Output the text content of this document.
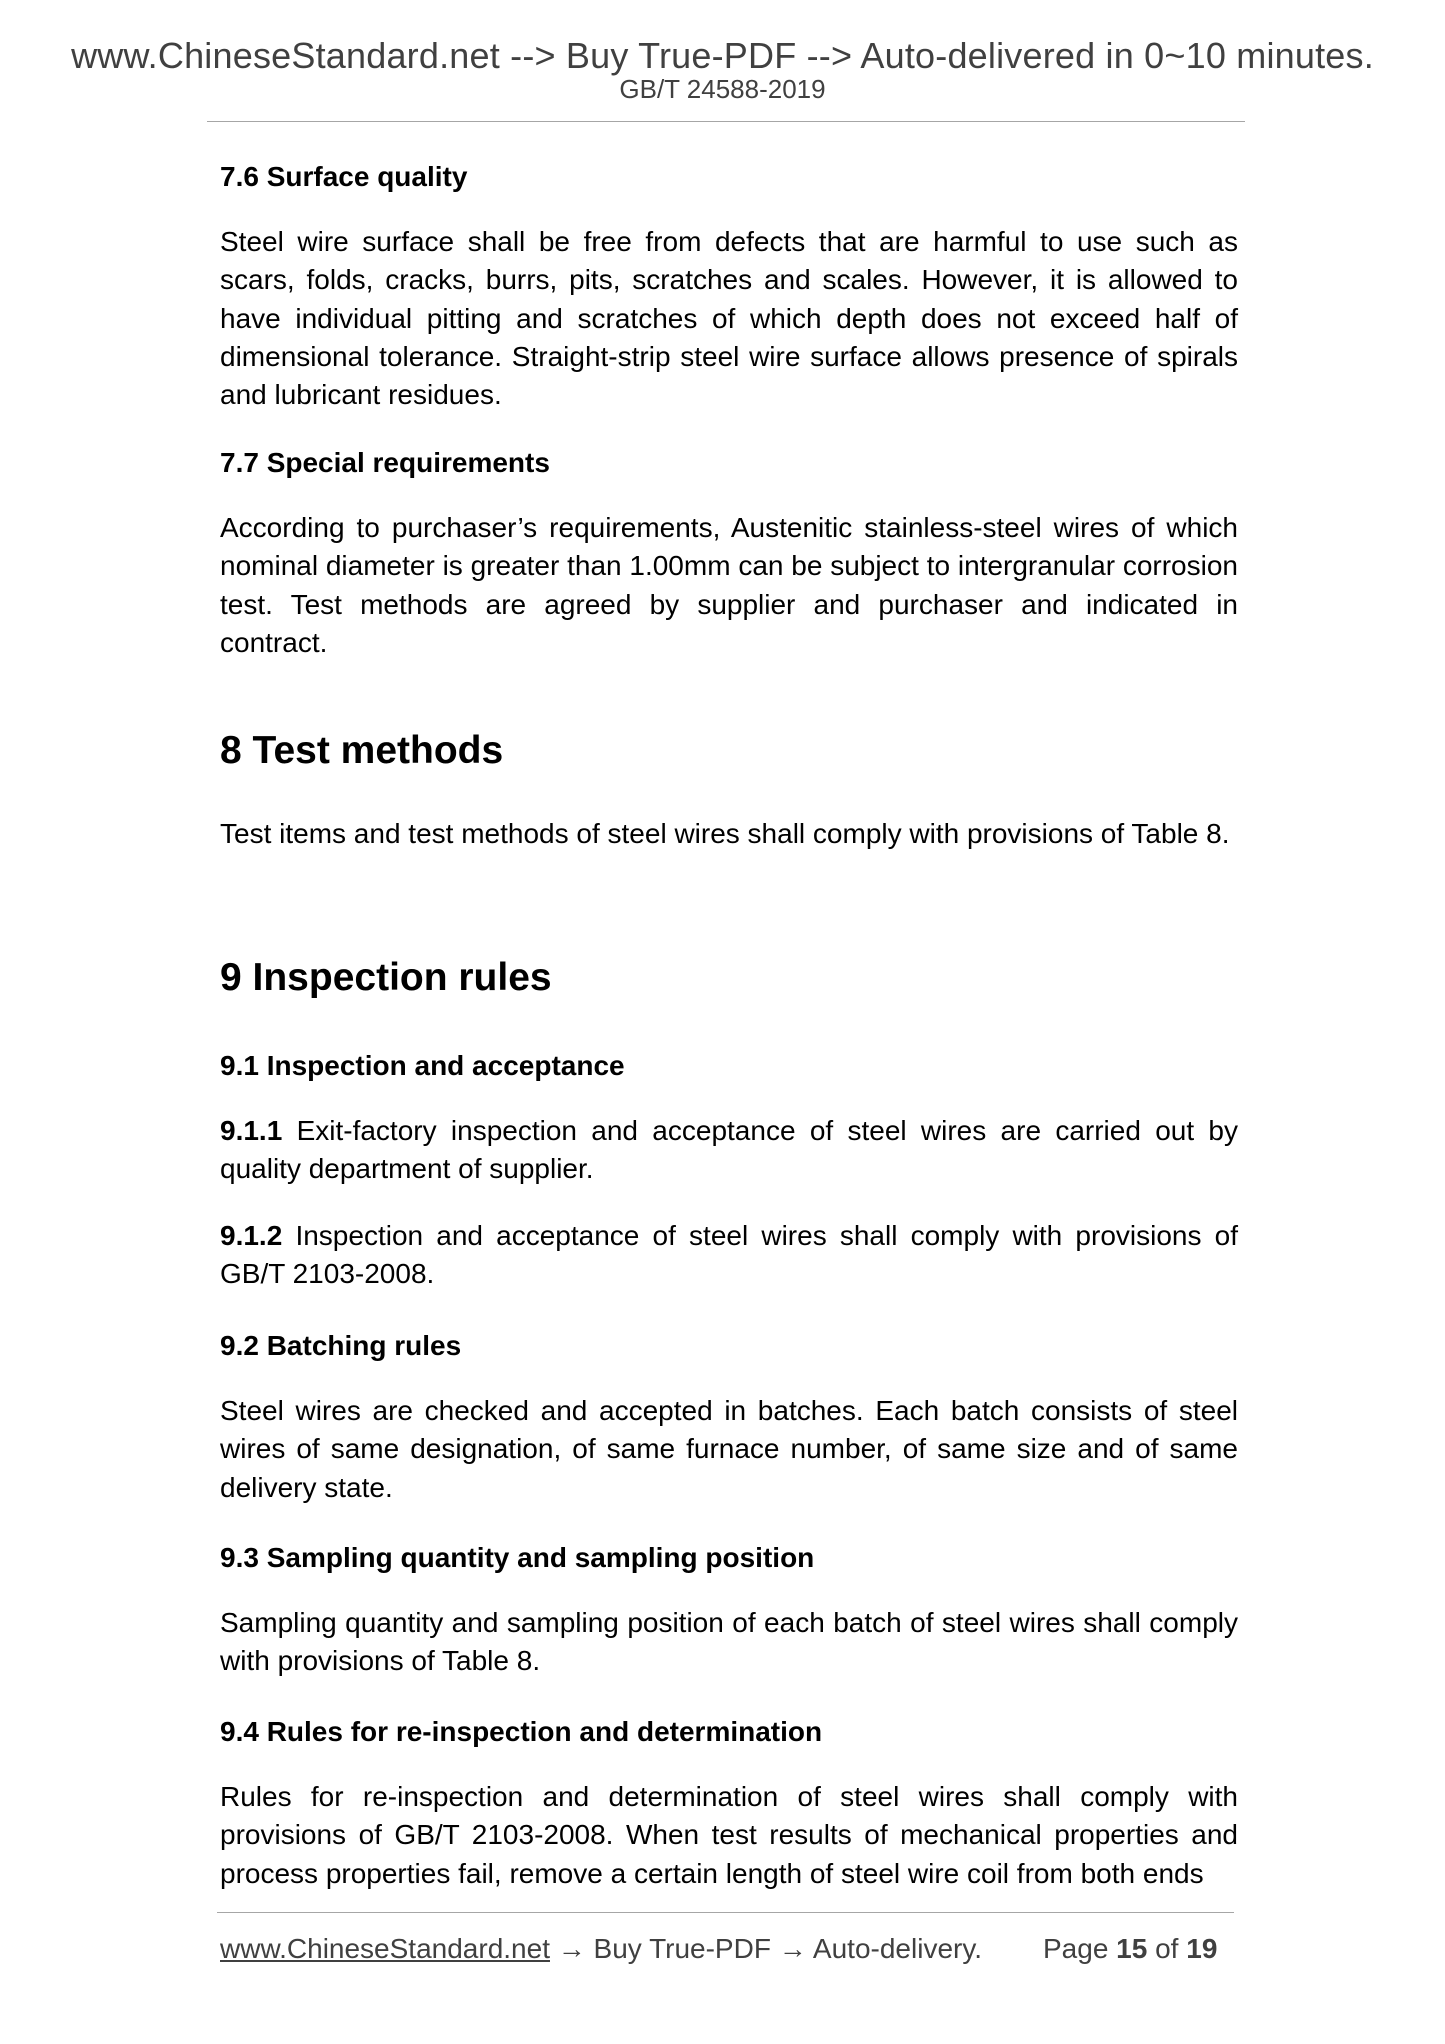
www.ChineseStandard.net --> Buy True-PDF --> Auto-delivered in 0~10 minutes.
GB/T 24588-2019
7.6 Surface quality
Steel wire surface shall be free from defects that are harmful to use such as scars, folds, cracks, burrs, pits, scratches and scales. However, it is allowed to have individual pitting and scratches of which depth does not exceed half of dimensional tolerance. Straight-strip steel wire surface allows presence of spirals and lubricant residues.
7.7 Special requirements
According to purchaser’s requirements, Austenitic stainless-steel wires of which nominal diameter is greater than 1.00mm can be subject to intergranular corrosion test. Test methods are agreed by supplier and purchaser and indicated in contract.
8 Test methods
Test items and test methods of steel wires shall comply with provisions of Table 8.
9 Inspection rules
9.1 Inspection and acceptance
9.1.1 Exit-factory inspection and acceptance of steel wires are carried out by quality department of supplier.
9.1.2 Inspection and acceptance of steel wires shall comply with provisions of GB/T 2103-2008.
9.2 Batching rules
Steel wires are checked and accepted in batches. Each batch consists of steel wires of same designation, of same furnace number, of same size and of same delivery state.
9.3 Sampling quantity and sampling position
Sampling quantity and sampling position of each batch of steel wires shall comply with provisions of Table 8.
9.4 Rules for re-inspection and determination
Rules for re-inspection and determination of steel wires shall comply with provisions of GB/T 2103-2008. When test results of mechanical properties and process properties fail, remove a certain length of steel wire coil from both ends
www.ChineseStandard.net → Buy True-PDF → Auto-delivery. Page 15 of 19
